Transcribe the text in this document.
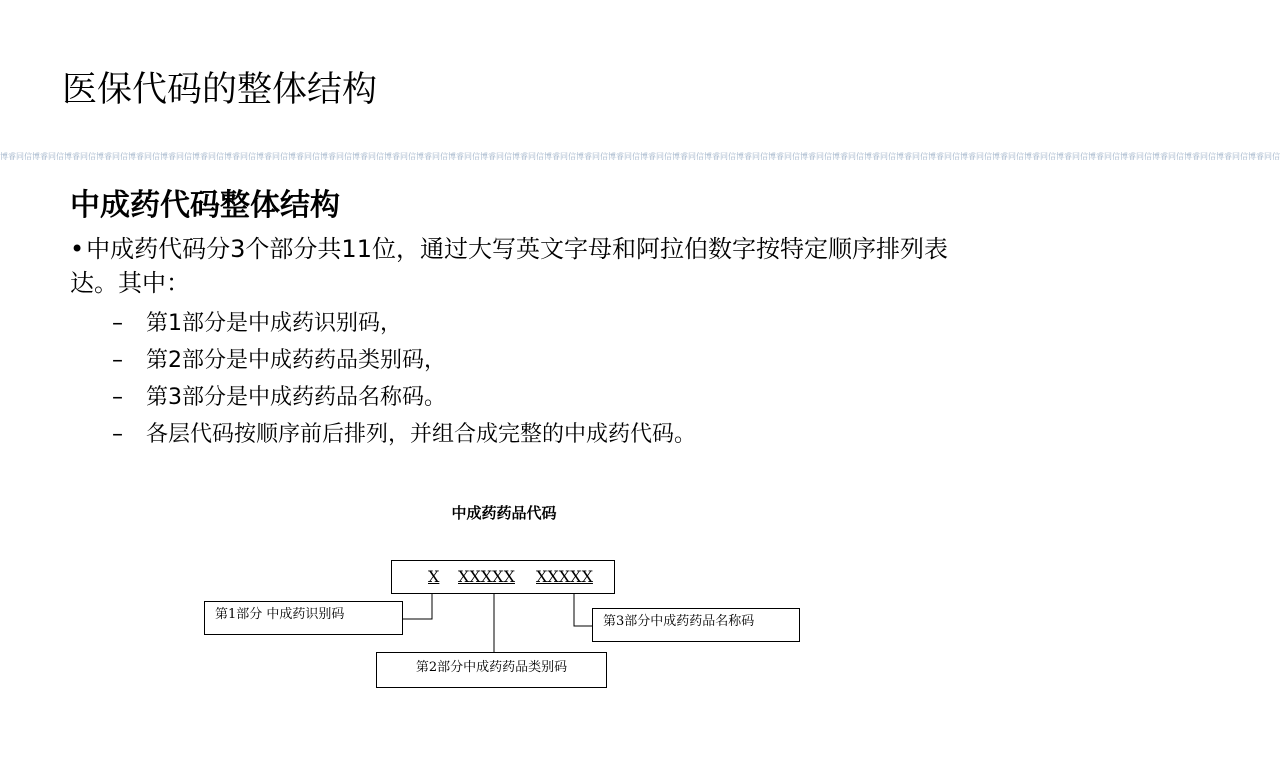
医保代码的整体结构
博睿同信博睿同信博睿同信博睿同信博睿同信博睿同信博睿同信博睿同信博睿同信博睿同信博睿同信博睿同信博睿同信博睿同信博睿同信博睿同信博睿同信博睿同信博睿同信博睿同信博睿同信博睿同信博睿同信博睿同信博睿同信博睿同信博睿同信博睿同信博睿同信博睿同信博睿同信博睿同信博睿同信博睿同信博睿同信博睿同信博睿同信博睿同信博睿同信博睿同信
中成药代码整体结构
•中成药代码分3个部分共11位，通过大写英文字母和阿拉伯数字按特定顺序排列表达。其中：
–	第1部分是中成药识别码，
–	第2部分是中成药药品类别码，
–	第3部分是中成药药品名称码。
–	各层代码按顺序前后排列，并组合成完整的中成药代码。
中成药药品代码
X XXXXX XXXXX
第1部分 中成药识别码	第3部分中成药药品名称码
第2部分中成药药品类别码
